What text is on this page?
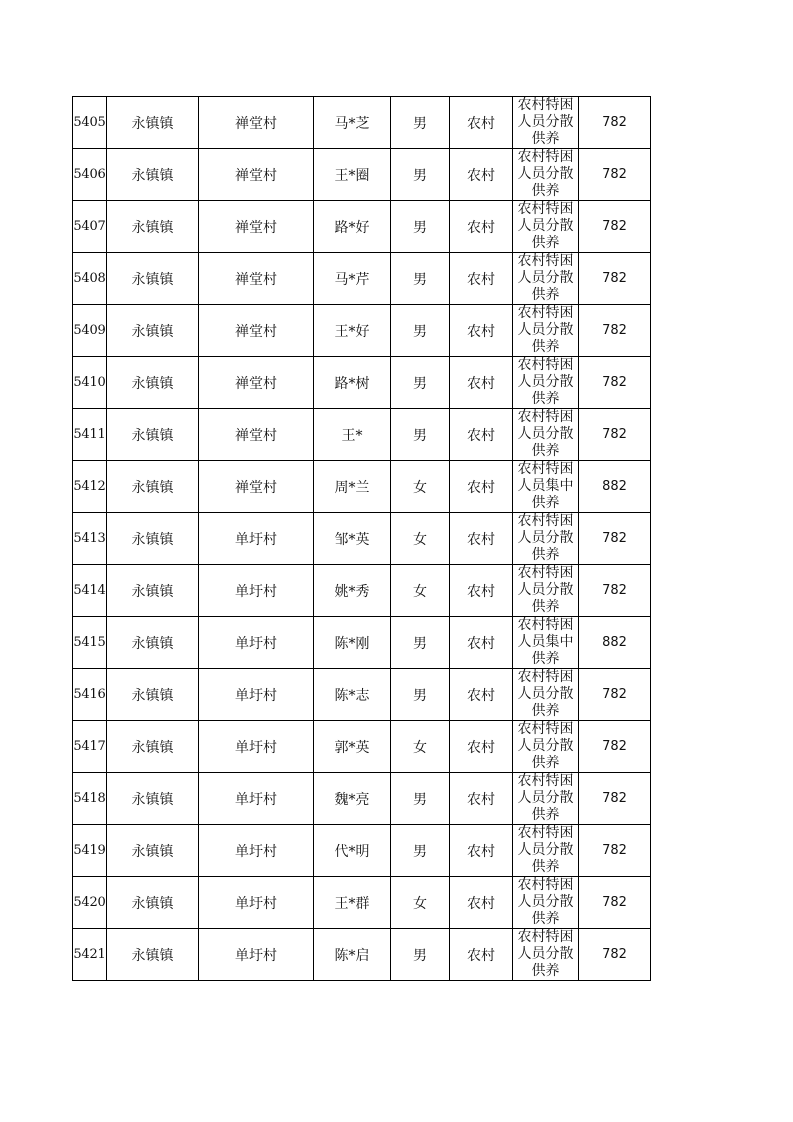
5405	永镇镇	禅堂村	马*芝	男	农村	农村特困人员分散供养	782
5406	永镇镇	禅堂村	王*圈	男	农村	农村特困人员分散供养	782
5407	永镇镇	禅堂村	路*好	男	农村	农村特困人员分散供养	782
5408	永镇镇	禅堂村	马*芹	男	农村	农村特困人员分散供养	782
5409	永镇镇	禅堂村	王*好	男	农村	农村特困人员分散供养	782
5410	永镇镇	禅堂村	路*树	男	农村	农村特困人员分散供养	782
5411	永镇镇	禅堂村	王*	男	农村	农村特困人员分散供养	782
5412	永镇镇	禅堂村	周*兰	女	农村	农村特困人员集中供养	882
5413	永镇镇	单圩村	邹*英	女	农村	农村特困人员分散供养	782
5414	永镇镇	单圩村	姚*秀	女	农村	农村特困人员分散供养	782
5415	永镇镇	单圩村	陈*刚	男	农村	农村特困人员集中供养	882
5416	永镇镇	单圩村	陈*志	男	农村	农村特困人员分散供养	782
5417	永镇镇	单圩村	郭*英	女	农村	农村特困人员分散供养	782
5418	永镇镇	单圩村	魏*亮	男	农村	农村特困人员分散供养	782
5419	永镇镇	单圩村	代*明	男	农村	农村特困人员分散供养	782
5420	永镇镇	单圩村	王*群	女	农村	农村特困人员分散供养	782
5421	永镇镇	单圩村	陈*启	男	农村	农村特困人员分散供养	782
